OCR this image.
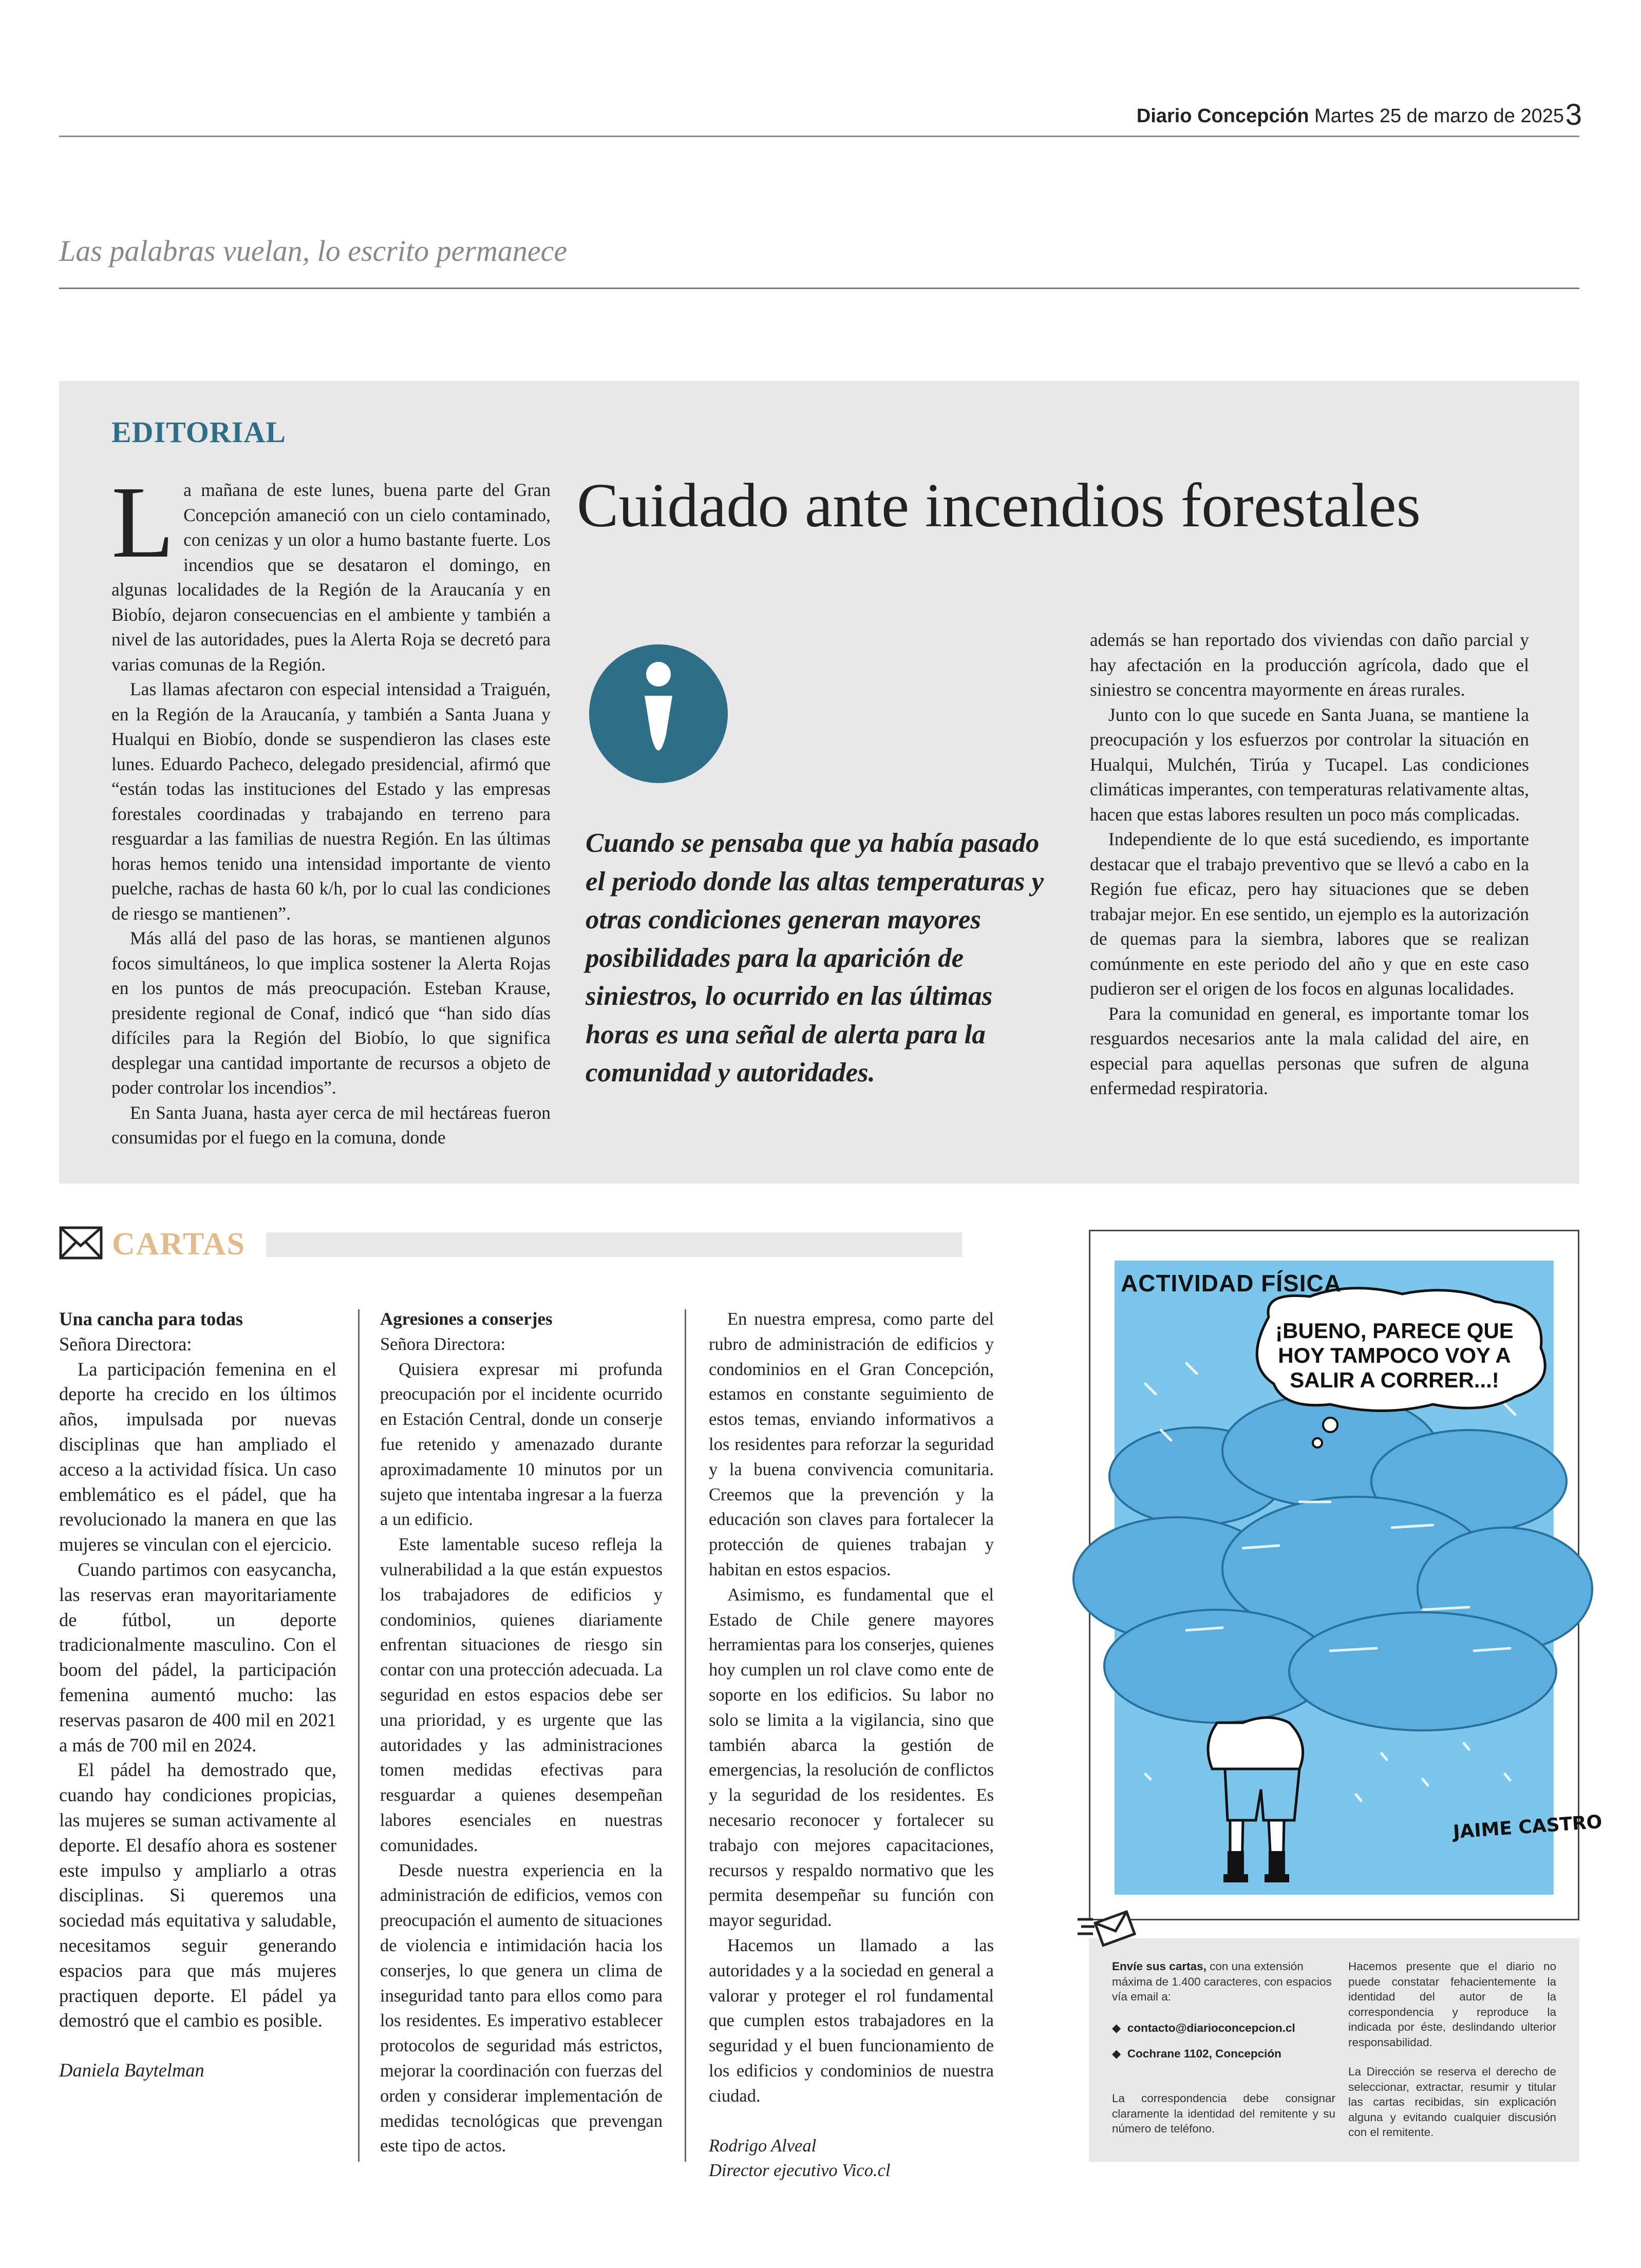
Diario Concepción Martes 25 de marzo de 2025 3
Las palabras vuelan, lo escrito permanece
EDITORIAL
Cuidado ante incendios forestales

La mañana de este lunes, buena parte del Gran Concepción amaneció con un cielo contaminado, con cenizas y un olor a humo bastante fuerte. Los incendios que se desataron el domingo, en algunas localidades de la Región de la Araucanía y en Biobío, dejaron consecuencias en el ambiente y también a nivel de las autoridades, pues la Alerta Roja se decretó para varias comunas de la Región.

Las llamas afectaron con especial intensidad a Traiguén, en la Región de la Araucanía, y también a Santa Juana y Hualqui en Biobío, donde se suspendieron las clases este lunes. Eduardo Pacheco, delegado presidencial, afirmó que “están todas las instituciones del Estado y las empresas forestales coordinadas y trabajando en terreno para resguardar a las familias de nuestra Región. En las últimas horas hemos tenido una intensidad importante de viento puelche, rachas de hasta 60 k/h, por lo cual las condiciones de riesgo se mantienen”.

Más allá del paso de las horas, se mantienen algunos focos simultáneos, lo que implica sostener la Alerta Rojas en los puntos de más preocupación. Esteban Krause, presidente regional de Conaf, indicó que “han sido días difíciles para la Región del Biobío, lo que significa desplegar una cantidad importante de recursos a objeto de poder controlar los incendios”.

En Santa Juana, hasta ayer cerca de mil hectáreas fueron consumidas por el fuego en la comuna, donde

Cuando se pensaba que ya había pasado el periodo donde las altas temperaturas y otras condiciones generan mayores posibilidades para la aparición de siniestros, lo ocurrido en las últimas horas es una señal de alerta para la comunidad y autoridades.

además se han reportado dos viviendas con daño parcial y hay afectación en la producción agrícola, dado que el siniestro se concentra mayormente en áreas rurales.

Junto con lo que sucede en Santa Juana, se mantiene la preocupación y los esfuerzos por controlar la situación en Hualqui, Mulchén, Tirúa y Tucapel. Las condiciones climáticas imperantes, con temperaturas relativamente altas, hacen que estas labores resulten un poco más complicadas.

Independiente de lo que está sucediendo, es importante destacar que el trabajo preventivo que se llevó a cabo en la Región fue eficaz, pero hay situaciones que se deben trabajar mejor. En ese sentido, un ejemplo es la autorización de quemas para la siembra, labores que se realizan comúnmente en este periodo del año y que en este caso pudieron ser el origen de los focos en algunas localidades.

Para la comunidad en general, es importante tomar los resguardos necesarios ante la mala calidad del aire, en especial para aquellas personas que sufren de alguna enfermedad respiratoria.

CARTAS

Una cancha para todas

Señora Directora:

La participación femenina en el deporte ha crecido en los últimos años, impulsada por nuevas disciplinas que han ampliado el acceso a la actividad física. Un caso emblemático es el pádel, que ha revolucionado la manera en que las mujeres se vinculan con el ejercicio.

Cuando partimos con easycancha, las reservas eran mayoritariamente de fútbol, un deporte tradicionalmente masculino. Con el boom del pádel, la participación femenina aumentó mucho: las reservas pasaron de 400 mil en 2021 a más de 700 mil en 2024.

El pádel ha demostrado que, cuando hay condiciones propicias, las mujeres se suman activamente al deporte. El desafío ahora es sostener este impulso y ampliarlo a otras disciplinas. Si queremos una sociedad más equitativa y saludable, necesitamos seguir generando espacios para que más mujeres practiquen deporte. El pádel ya demostró que el cambio es posible.

Daniela Baytelman

Agresiones a conserjes

Señora Directora:

Quisiera expresar mi profunda preocupación por el incidente ocurrido en Estación Central, donde un conserje fue retenido y amenazado durante aproximadamente 10 minutos por un sujeto que intentaba ingresar a la fuerza a un edificio.

Este lamentable suceso refleja la vulnerabilidad a la que están expuestos los trabajadores de edificios y condominios, quienes diariamente enfrentan situaciones de riesgo sin contar con una protección adecuada. La seguridad en estos espacios debe ser una prioridad, y es urgente que las autoridades y las administraciones tomen medidas efectivas para resguardar a quienes desempeñan labores esenciales en nuestras comunidades.

Desde nuestra experiencia en la administración de edificios, vemos con preocupación el aumento de situaciones de violencia e intimidación hacia los conserjes, lo que genera un clima de inseguridad tanto para ellos como para los residentes. Es imperativo establecer protocolos de seguridad más estrictos, mejorar la coordinación con fuerzas del orden y considerar implementación de medidas tecnológicas que prevengan este tipo de actos.

En nuestra empresa, como parte del rubro de administración de edificios y condominios en el Gran Concepción, estamos en constante seguimiento de estos temas, enviando informativos a los residentes para reforzar la seguridad y la buena convivencia comunitaria. Creemos que la prevención y la educación son claves para fortalecer la protección de quienes trabajan y habitan en estos espacios.

Asimismo, es fundamental que el Estado de Chile genere mayores herramientas para los conserjes, quienes hoy cumplen un rol clave como ente de soporte en los edificios. Su labor no solo se limita a la vigilancia, sino que también abarca la gestión de emergencias, la resolución de conflictos y la seguridad de los residentes. Es necesario reconocer y fortalecer su trabajo con mejores capacitaciones, recursos y respaldo normativo que les permita desempeñar su función con mayor seguridad.

Hacemos un llamado a las autoridades y a la sociedad en general a valorar y proteger el rol fundamental que cumplen estos trabajadores en la seguridad y el buen funcionamiento de los edificios y condominios de nuestra ciudad.

Rodrigo Alveal

Director ejecutivo Vico.cl

JAIME CASTRO
ACTIVIDAD FÍSICA
¡BUENO, PARECE QUE HOY TAMPOCO VOY A SALIR A CORRER...!
Envíe sus cartas, con una extensión máxima de 1.400 caracteres, con espacios vía email a:
◆  contacto@diarioconcepcion.cl
◆  Cochrane 1102, Concepción
La correspondencia debe consignar claramente la identidad del remitente y su número de teléfono.
Hacemos presente que el diario no puede constatar fehacientemente la identidad del autor de la correspondencia y reproduce la indicada por éste, deslindando ulterior responsabilidad.
La Dirección se reserva el derecho de seleccionar, extractar, resumir y titular las cartas recibidas, sin explicación alguna y evitando cualquier discusión con el remitente.
